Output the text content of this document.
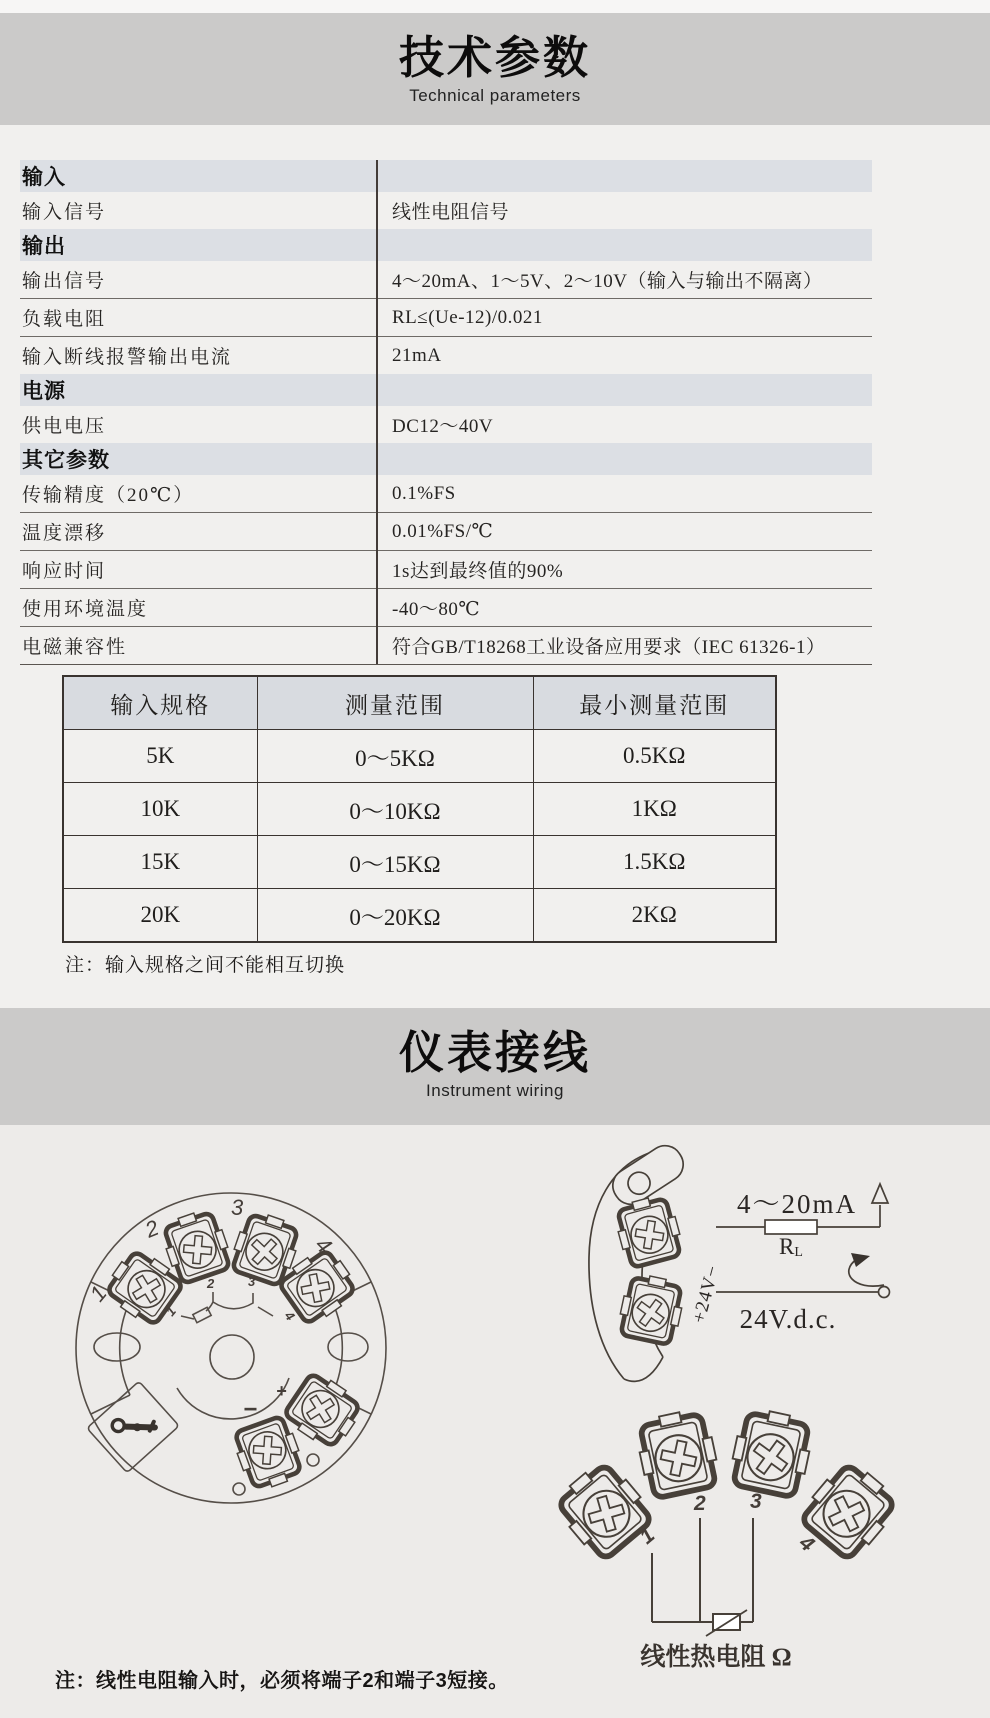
技术参数
Technical parameters
输入
输入信号	线性电阻信号
输出
输出信号	4～20mA、1～5V、2～10V（输入与输出不隔离）
负载电阻	RL≤(Ue-12)/0.021
输入断线报警输出电流	21mA
电源
供电电压	DC12～40V
其它参数
传输精度（20℃）	0.1%FS
温度漂移	0.01%FS/℃
响应时间	1s达到最终值的90%
使用环境温度	-40～80℃
电磁兼容性	符合GB/T18268工业设备应用要求（IEC 61326-1）
输入规格	测量范围	最小测量范围
5K	0～5KΩ	0.5KΩ
10K	0～10KΩ	1KΩ
15K	0～15KΩ	1.5KΩ
20K	0～20KΩ	2KΩ
注：输入规格之间不能相互切换
仪表接线
Instrument wiring
1
2
3
4
1
2	3
4
−
+
+24V−
4～20mA
RL
24V.d.c.
1
2 3
4
线性热电阻 Ω
注：线性电阻输入时，必须将端子2和端子3短接。
